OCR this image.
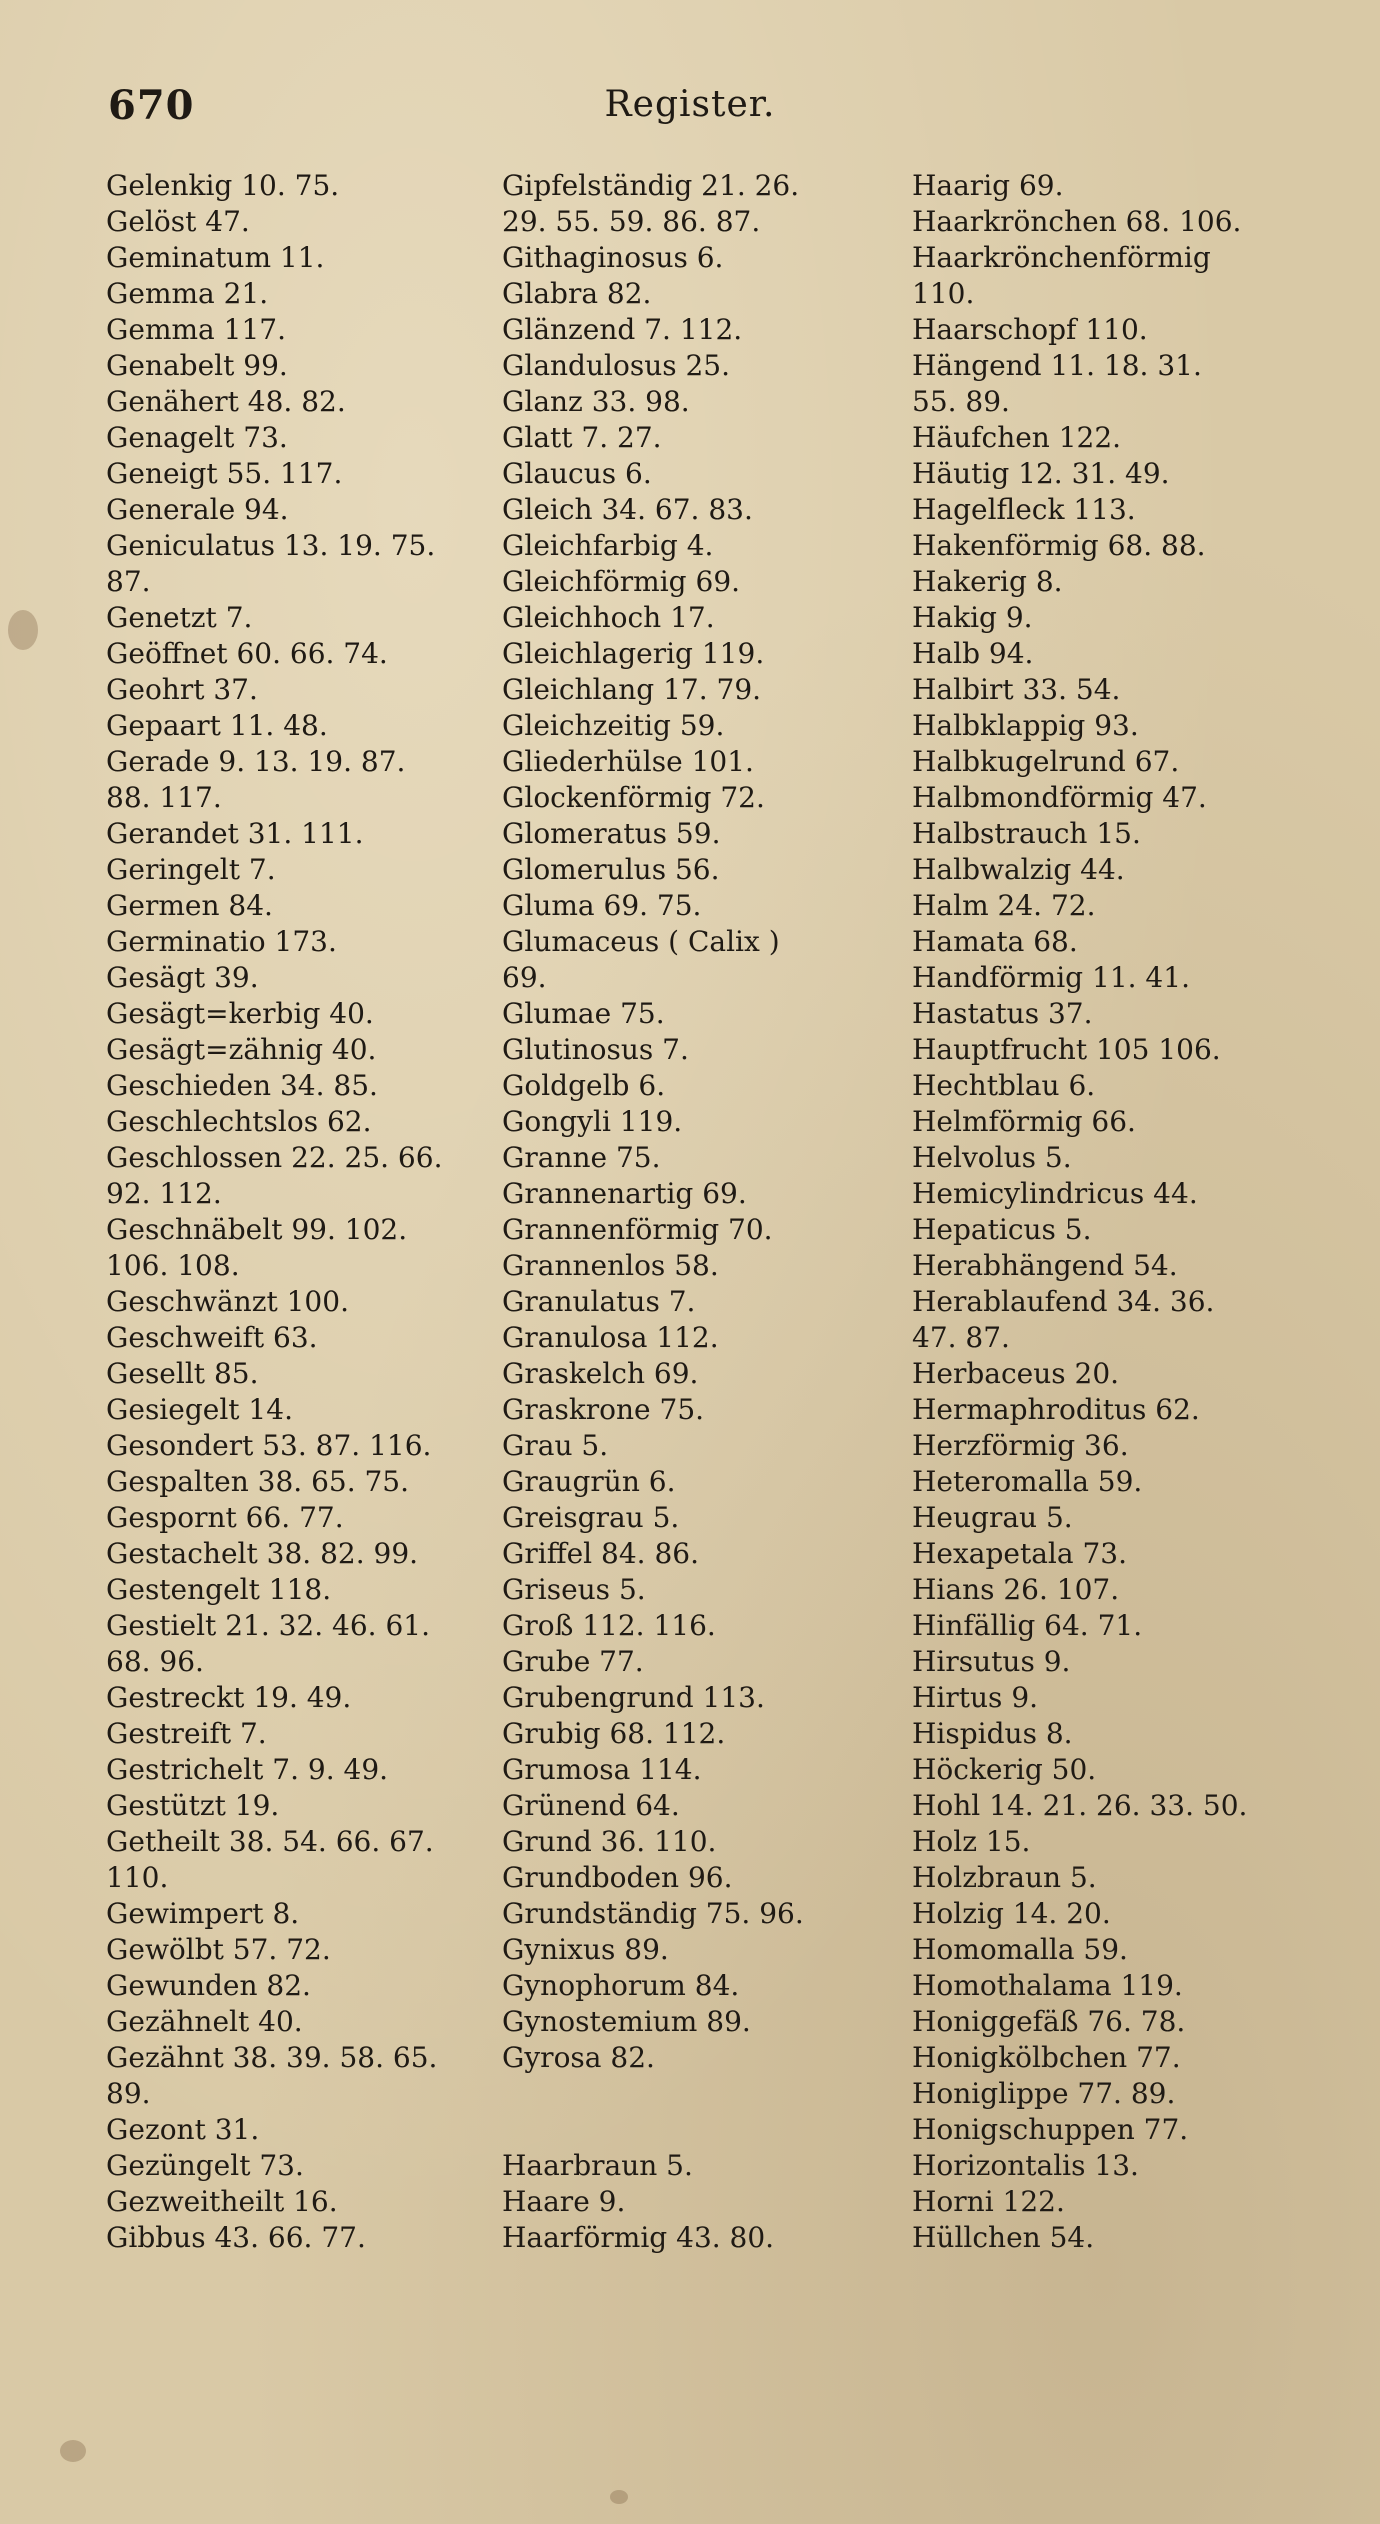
670	Register.
Gelenkig 10. 75.
Gelöst 47.
Geminatum 11.
Gemma 21.
Gemma 117.
Genabelt 99.
Genähert 48. 82.
Genagelt 73.
Geneigt 55. 117.
Generale 94.
Geniculatus 13. 19. 75.
87.
Genetzt 7.
Geöffnet 60. 66. 74.
Geohrt 37.
Gepaart 11. 48.
Gerade 9. 13. 19. 87.
88. 117.
Gerandet 31. 111.
Geringelt 7.
Germen 84.
Germinatio 173.
Gesägt 39.
Gesägt=kerbig 40.
Gesägt=zähnig 40.
Geschieden 34. 85.
Geschlechtslos 62.
Geschlossen 22. 25. 66.
92. 112.
Geschnäbelt 99. 102.
106. 108.
Geschwänzt 100.
Geschweift 63.
Gesellt 85.
Gesiegelt 14.
Gesondert 53. 87. 116.
Gespalten 38. 65. 75.
Gespornt 66. 77.
Gestachelt 38. 82. 99.
Gestengelt 118.
Gestielt 21. 32. 46. 61.
68. 96.
Gestreckt 19. 49.
Gestreift 7.
Gestrichelt 7. 9. 49.
Gestützt 19.
Getheilt 38. 54. 66. 67.
110.
Gewimpert 8.
Gewölbt 57. 72.
Gewunden 82.
Gezähnelt 40.
Gezähnt 38. 39. 58. 65.
89.
Gezont 31.
Gezüngelt 73.
Gezweitheilt 16.
Gibbus 43. 66. 77.
Gipfelständig 21. 26.
29. 55. 59. 86. 87.
Githaginosus 6.
Glabra 82.
Glänzend 7. 112.
Glandulosus 25.
Glanz 33. 98.
Glatt 7. 27.
Glaucus 6.
Gleich 34. 67. 83.
Gleichfarbig 4.
Gleichförmig 69.
Gleichhoch 17.
Gleichlagerig 119.
Gleichlang 17. 79.
Gleichzeitig 59.
Gliederhülse 101.
Glockenförmig 72.
Glomeratus 59.
Glomerulus 56.
Gluma 69. 75.
Glumaceus ( Calix )
69.
Glumae 75.
Glutinosus 7.
Goldgelb 6.
Gongyli 119.
Granne 75.
Grannenartig 69.
Grannenförmig 70.
Grannenlos 58.
Granulatus 7.
Granulosa 112.
Graskelch 69.
Graskrone 75.
Grau 5.
Graugrün 6.
Greisgrau 5.
Griffel 84. 86.
Griseus 5.
Groß 112. 116.
Grube 77.
Grubengrund 113.
Grubig 68. 112.
Grumosa 114.
Grünend 64.
Grund 36. 110.
Grundboden 96.
Grundständig 75. 96.
Gynixus 89.
Gynophorum 84.
Gynostemium 89.
Gyrosa 82.
Haarbraun 5.
Haare 9.
Haarförmig 43. 80.
Haarig 69.
Haarkrönchen 68. 106.
Haarkrönchenförmig
110.
Haarschopf 110.
Hängend 11. 18. 31.
55. 89.
Häufchen 122.
Häutig 12. 31. 49.
Hagelfleck 113.
Hakenförmig 68. 88.
Hakerig 8.
Hakig 9.
Halb 94.
Halbirt 33. 54.
Halbklappig 93.
Halbkugelrund 67.
Halbmondförmig 47.
Halbstrauch 15.
Halbwalzig 44.
Halm 24. 72.
Hamata 68.
Handförmig 11. 41.
Hastatus 37.
Hauptfrucht 105 106.
Hechtblau 6.
Helmförmig 66.
Helvolus 5.
Hemicylindricus 44.
Hepaticus 5.
Herabhängend 54.
Herablaufend 34. 36.
47. 87.
Herbaceus 20.
Hermaphroditus 62.
Herzförmig 36.
Heteromalla 59.
Heugrau 5.
Hexapetala 73.
Hians 26. 107.
Hinfällig 64. 71.
Hirsutus 9.
Hirtus 9.
Hispidus 8.
Höckerig 50.
Hohl 14. 21. 26. 33. 50.
Holz 15.
Holzbraun 5.
Holzig 14. 20.
Homomalla 59.
Homothalama 119.
Honiggefäß 76. 78.
Honigkölbchen 77.
Honiglippe 77. 89.
Honigschuppen 77.
Horizontalis 13.
Horni 122.
Hüllchen 54.
